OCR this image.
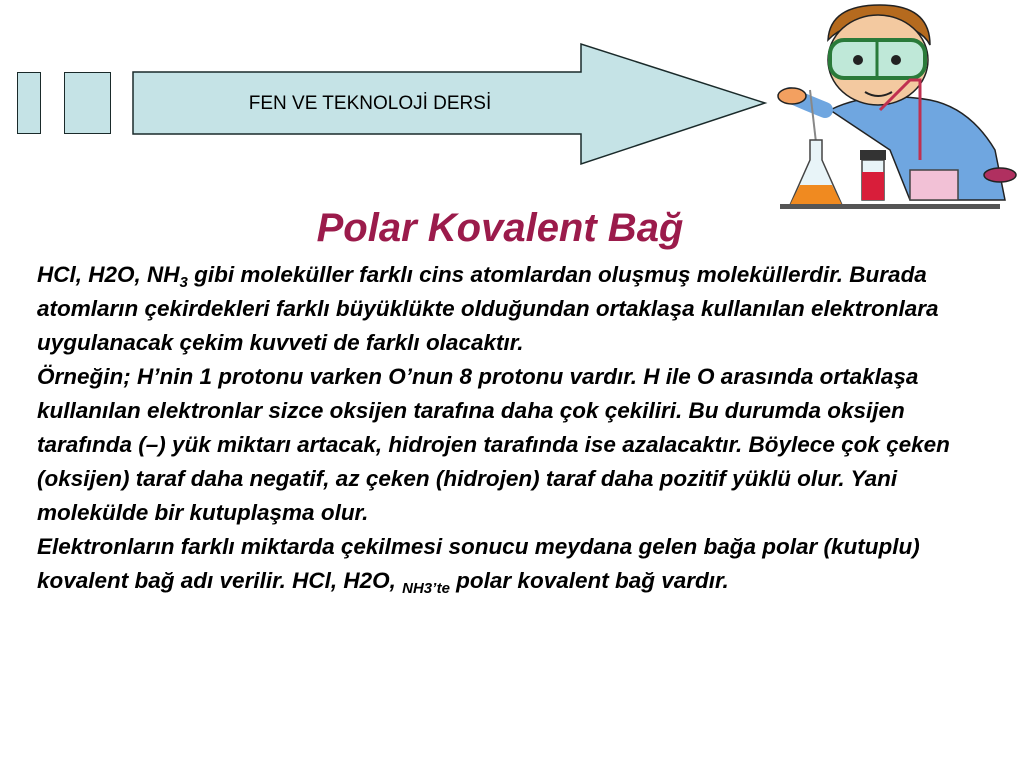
FEN VE TEKNOLOJİ DERSİ
Polar Kovalent Bağ

HCl, H2O, $NH_3$ gibi moleküller farklı cins atomlardan oluşmuş moleküllerdir. Burada atomların çekirdekleri farklı büyüklükte olduğundan ortaklaşa kullanılan elektronlara uygulanacak çekim kuvveti de farklı olacaktır.

Örneğin; H’nin 1 protonu varken O’nun 8 protonu vardır. H ile O arasında ortaklaşa kullanılan elektronlar sizce oksijen tarafına daha çok çekiliri. Bu durumda oksijen tarafında (–) yük miktarı artacak, hidrojen tarafında ise azalacaktır. Böylece çok çeken (oksijen) taraf daha negatif, az çeken (hidrojen) taraf daha pozitif yüklü olur. Yani molekülde bir kutuplaşma olur.

Elektronların farklı miktarda çekilmesi sonucu meydana gelen bağa polar (kutuplu) kovalent bağ adı verilir. HCl, H2O, $_{NH3’te}$ polar kovalent bağ vardır.
